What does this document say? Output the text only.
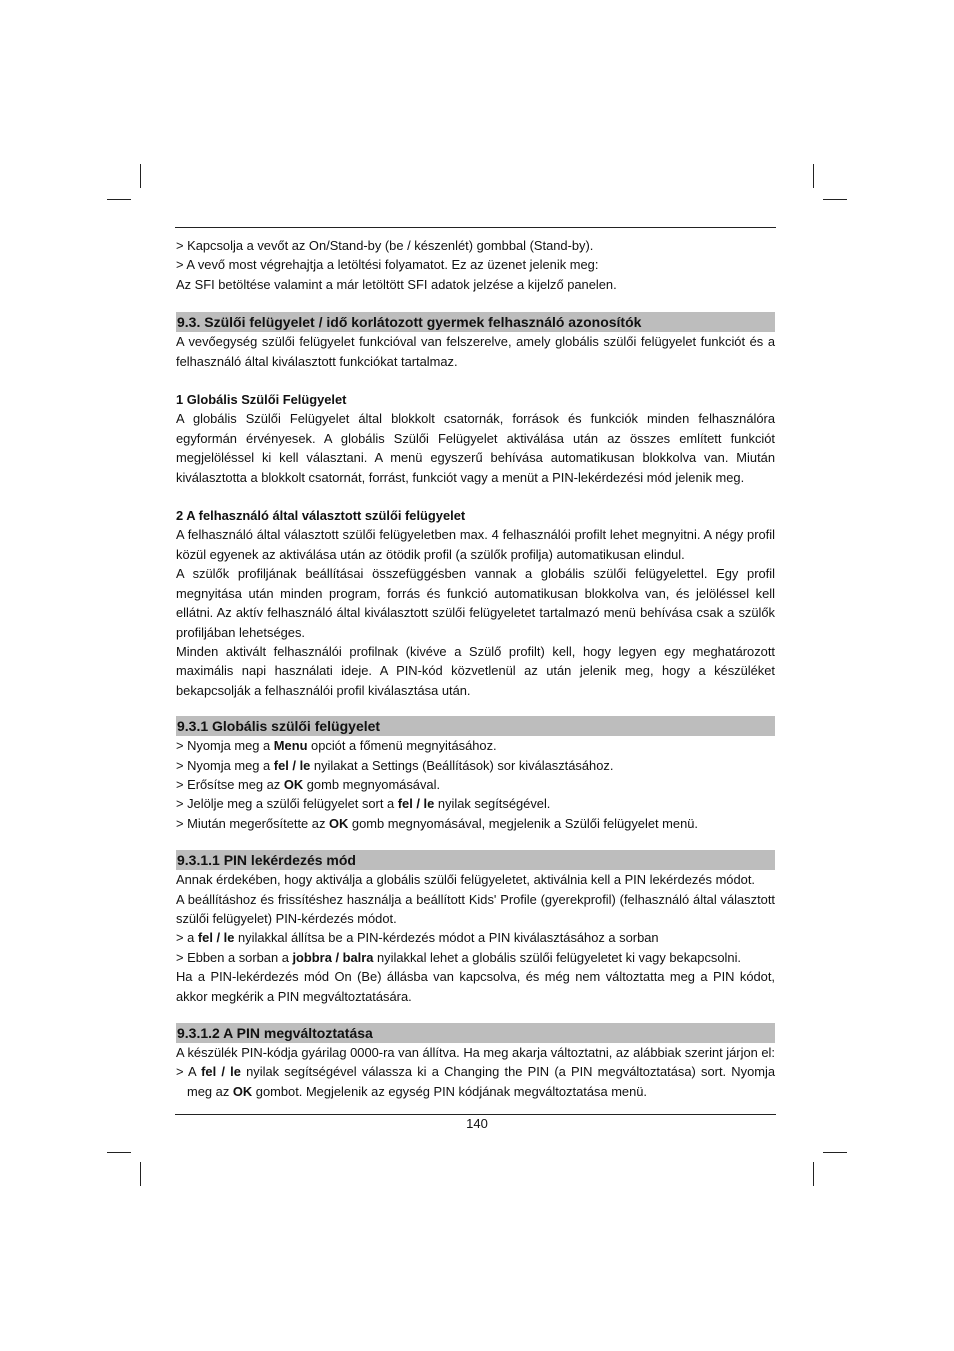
> Kapcsolja a vevőt az On/Stand-by (be / készenlét) gombbal (Stand-by).

> A vevő most végrehajtja a letöltési folyamatot. Ez az üzenet jelenik meg:

Az SFI betöltése valamint a már letöltött SFI adatok jelzése a kijelző panelen.

9.3. Szülői felügyelet / idő korlátozott gyermek felhasználó azonosítók

A vevőegység szülői felügyelet funkcióval van felszerelve, amely globális szülői felügyelet funkciót és a felhasználó által kiválasztott funkciókat tartalmaz.

1 Globális Szülői Felügyelet

A globális Szülői Felügyelet által blokkolt csatornák, források és funkciók minden felhasználóra egyformán érvényesek. A globális Szülői Felügyelet aktiválása után az összes említett funkciót megjelöléssel ki kell választani. A menü egyszerű behívása automatikusan blokkolva van. Miután kiválasztotta a blokkolt csatornát, forrást, funkciót vagy a menüt a PIN-lekérdezési mód jelenik meg.

2 A felhasználó által választott szülői felügyelet

A felhasználó által választott szülői felügyeletben max. 4 felhasználói profilt lehet megnyitni. A négy profil közül egyenek az aktiválása után az ötödik profil (a szülők profilja) automatikusan elindul.

A szülők profiljának beállításai összefüggésben vannak a globális szülői felügyelettel. Egy profil megnyitása után minden program, forrás és funkció automatikusan blokkolva van, és jelöléssel kell ellátni. Az aktív felhasználó által kiválasztott szülői felügyeletet tartalmazó menü behívása csak a szülők profiljában lehetséges.

Minden aktivált felhasználói profilnak (kivéve a Szülő profilt) kell, hogy legyen egy meghatározott maximális napi használati ideje. A PIN-kód közvetlenül az után jelenik meg, hogy a készüléket bekapcsolják a felhasználói profil kiválasztása után.

9.3.1 Globális szülői felügyelet

> Nyomja meg a Menu opciót a főmenü megnyitásához.

> Nyomja meg a fel / le nyilakat a Settings (Beállítások) sor kiválasztásához.

> Erősítse meg az OK gomb megnyomásával.

> Jelölje meg a szülői felügyelet sort a fel / le nyilak segítségével.

> Miután megerősítette az OK gomb megnyomásával, megjelenik a Szülői felügyelet menü.

9.3.1.1 PIN lekérdezés mód

Annak érdekében, hogy aktiválja a globális szülői felügyeletet, aktiválnia kell a PIN lekérdezés módot.

A beállításhoz és frissítéshez használja a beállított Kids' Profile (gyerekprofil) (felhasználó által választott szülői felügyelet) PIN-kérdezés módot.

> a fel / le nyilakkal állítsa be a PIN-kérdezés módot a PIN kiválasztásához a sorban

> Ebben a sorban a jobbra / balra nyilakkal lehet a globális szülői felügyeletet ki vagy bekapcsolni.

Ha a PIN-lekérdezés mód On (Be) állásba van kapcsolva, és még nem változtatta meg a PIN kódot, akkor megkérik a PIN megváltoztatására.

9.3.1.2 A PIN megváltoztatása

A készülék PIN-kódja gyárilag 0000-ra van állítva. Ha meg akarja változtatni, az alábbiak szerint járjon el:

> A fel / le nyilak segítségével válassza ki a Changing the PIN (a PIN megváltoztatása) sort. Nyomja meg az OK gombot. Megjelenik az egység PIN kódjának megváltoztatása menü.

140
